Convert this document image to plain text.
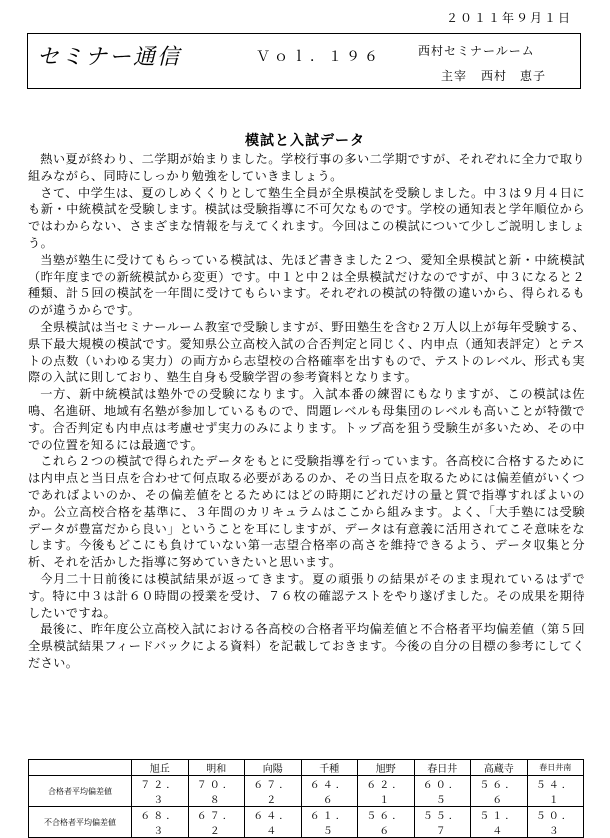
２０１１年９月１日
セミナー通信	Ｖｏｌ．１９６	西村セミナールーム
主宰 西村　恵子
模試と入試データ

熱い夏が終わり、二学期が始まりました。学校行事の多い二学期ですが、それぞれに全力で取り組みながら、同時にしっかり勉強をしていきましょう。

さて、中学生は、夏のしめくくりとして塾生全員が全県模試を受験しました。中３は９月４日にも新・中統模試を受験します。模試は受験指導に不可欠なものです。学校の通知表と学年順位からではわからない、さまざまな情報を与えてくれます。今回はこの模試について少しご説明しましょう。

当塾が塾生に受けてもらっている模試は、先ほど書きました２つ、愛知全県模試と新・中統模試（昨年度までの新統模試から変更）です。中１と中２は全県模試だけなのですが、中３になると２種類、計５回の模試を一年間に受けてもらいます。それぞれの模試の特徴の違いから、得られるものが違うからです。

全県模試は当セミナールーム教室で受験しますが、野田塾生を含む２万人以上が毎年受験する、県下最大規模の模試です。愛知県公立高校入試の合否判定と同じく、内申点（通知表評定）とテストの点数（いわゆる実力）の両方から志望校の合格確率を出すもので、テストのレベル、形式も実際の入試に則しており、塾生自身も受験学習の参考資料となります。

一方、新中統模試は塾外での受験になります。入試本番の練習にもなりますが、この模試は佐鳴、名進研、地域有名塾が参加しているもので、問題レベルも母集団のレベルも高いことが特徴です。合否判定も内申点は考慮せず実力のみによります。トップ高を狙う受験生が多いため、その中での位置を知るには最適です。

これら２つの模試で得られたデータをもとに受験指導を行っています。各高校に合格するためには内申点と当日点を合わせて何点取る必要があるのか、その当日点を取るためには偏差値がいくつであればよいのか、その偏差値をとるためにはどの時期にどれだけの量と質で指導すればよいのか。公立高校合格を基準に、３年間のカリキュラムはここから組みます。よく、「大手塾には受験データが豊富だから良い」ということを耳にしますが、データは有意義に活用されてこそ意味をなします。今後もどこにも負けていない第一志望合格率の高さを維持できるよう、データ収集と分析、それを活かした指導に努めていきたいと思います。

今月二十日前後には模試結果が返ってきます。夏の頑張りの結果がそのまま現れているはずです。特に中３は計６０時間の授業を受け、７６枚の確認テストをやり遂げました。その成果を期待したいですね。

最後に、昨年度公立高校入試における各高校の合格者平均偏差値と不合格者平均偏差値（第５回全県模試結果フィードバックによる資料）を記載しておきます。今後の自分の目標の参考にしてください。

	旭丘	明和	向陽	千種	旭野	春日井	高蔵寺	春日井南
合格者平均偏差値	７２．３	７０．８	６７．２	６４．６	６２．１	６０．５	５６．６	５４．１
不合格者平均偏差値	６８．３	６７．２	６４．４	６１．５	５６．６	５５．７	５１．４	５０．３
